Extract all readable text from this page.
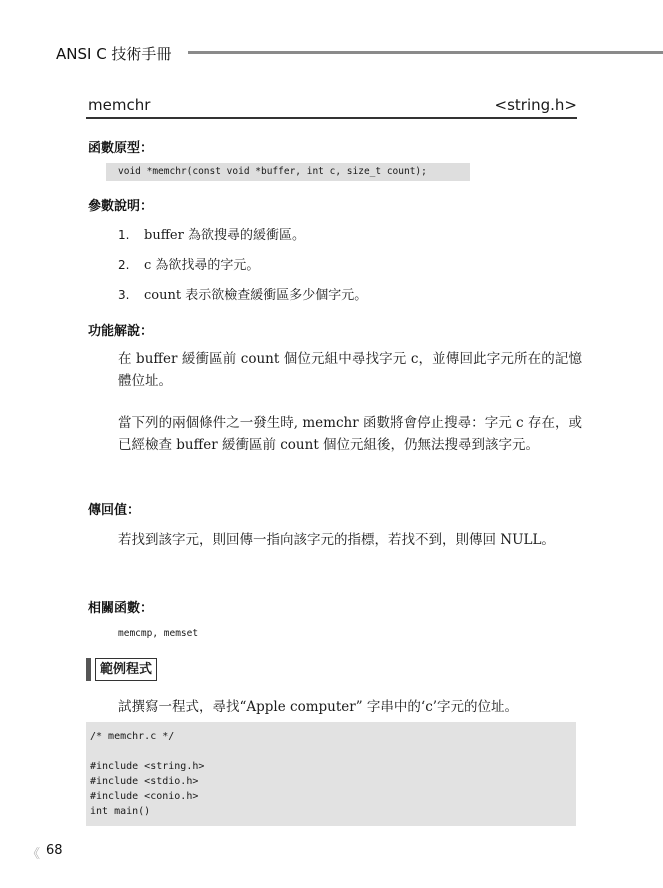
ANSI C 技術手冊
memchr	<string.h>
函數原型：
void *memchr(const void *buffer, int c, size_t count);
參數說明：
1. buffer 為欲搜尋的緩衝區。
2. c 為欲找尋的字元。
3. count 表示欲檢查緩衝區多少個字元。
功能解說：
在 buffer 緩衝區前 count 個位元組中尋找字元 c，並傳回此字元所在的記憶體位址。
當下列的兩個條件之一發生時, memchr 函數將會停止搜尋：字元 c 存在，或已經檢查 buffer 緩衝區前 count 個位元組後，仍無法搜尋到該字元。
傳回值：
若找到該字元，則回傳一指向該字元的指標，若找不到，則傳回 NULL。
相關函數：
memcmp, memset
範例程式
試撰寫一程式，尋找“Apple computer” 字串中的‘c’字元的位址。
/* memchr.c */
#include <string.h>
#include <stdio.h>
#include <conio.h>
int main()
《 68
